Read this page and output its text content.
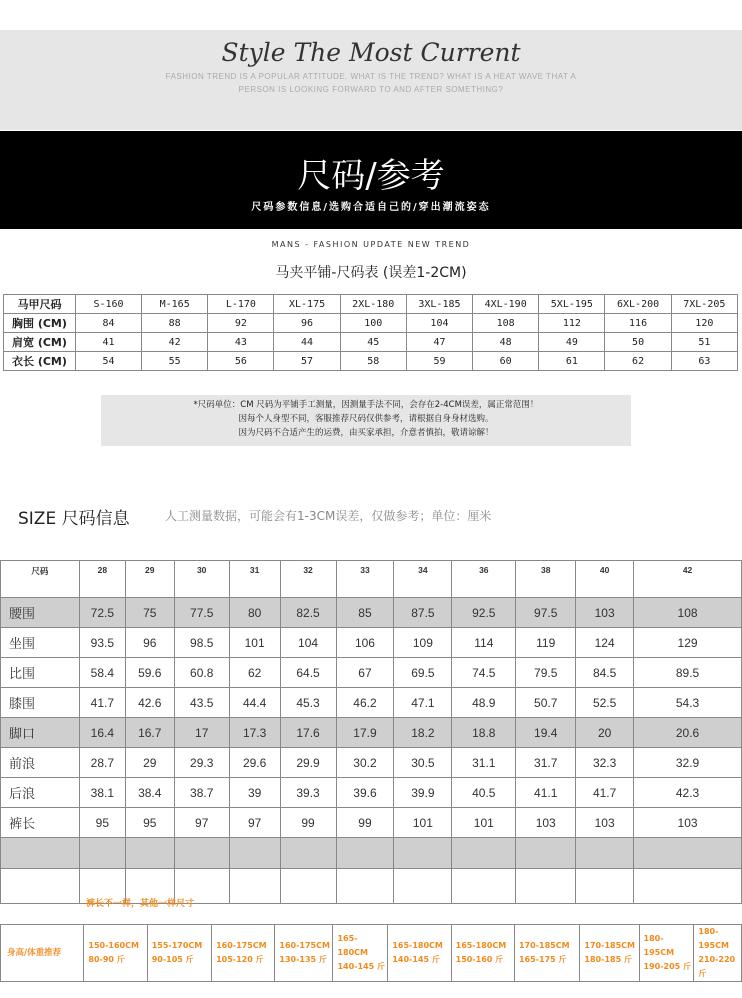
Style The Most Current
FASHION TREND IS A POPULAR ATTITUDE. WHAT IS THE TREND? WHAT IS A HEAT WAVE THAT A
PERSON IS LOOKING FORWARD TO AND AFTER SOMETHING?
尺码/参考
尺码参数信息/选购合适自己的/穿出潮流姿态
MANS - FASHION UPDATE NEW TREND
马夹平铺-尺码表 (误差1-2CM)
马甲尺码	S-160	M-165	L-170	XL-175	2XL-180	3XL-185	4XL-190	5XL-195	6XL-200	7XL-205
胸围 (CM)	84	88	92	96	100	104	108	112	116	120
肩宽 (CM)	41	42	43	44	45	47	48	49	50	51
衣长 (CM)	54	55	56	57	58	59	60	61	62	63
*尺码单位：CM 尺码为平铺手工测量，因测量手法不同，会存在2-4CM误差，属正常范围！
因每个人身型不同，客服推荐尺码仅供参考，请根据自身身材选购。
因为尺码不合适产生的运费，由买家承担，介意者慎拍，敬请谅解！
SIZE 尺码信息	人工测量数据，可能会有1-3CM误差，仅做参考；单位：厘米
尺码	28	29	30	31	32	33	34	36	38	40	42
腰围	72.5	75	77.5	80	82.5	85	87.5	92.5	97.5	103	108
坐围	93.5	96	98.5	101	104	106	109	114	119	124	129
比围	58.4	59.6	60.8	62	64.5	67	69.5	74.5	79.5	84.5	89.5
膝围	41.7	42.6	43.5	44.4	45.3	46.2	47.1	48.9	50.7	52.5	54.3
脚口	16.4	16.7	17	17.3	17.6	17.9	18.2	18.8	19.4	20	20.6
前浪	28.7	29	29.3	29.6	29.9	30.2	30.5	31.1	31.7	32.3	32.9
后浪	38.1	38.4	38.7	39	39.3	39.6	39.9	40.5	41.1	41.7	42.3
裤长	95	95	97	97	99	99	101	101	103	103	103

裤长不一样，其他一样尺寸
身高/体重推荐	
150-160CM
80-90 斤

155-170CM
90-105 斤

160-175CM
105-120 斤

160-175CM
130-135 斤

165-180CM
140-145 斤

165-180CM
140-145 斤

165-180CM
150-160 斤

170-185CM
165-175 斤

170-185CM
180-185 斤

180-195CM
190-205 斤

180-195CM
210-220 斤
